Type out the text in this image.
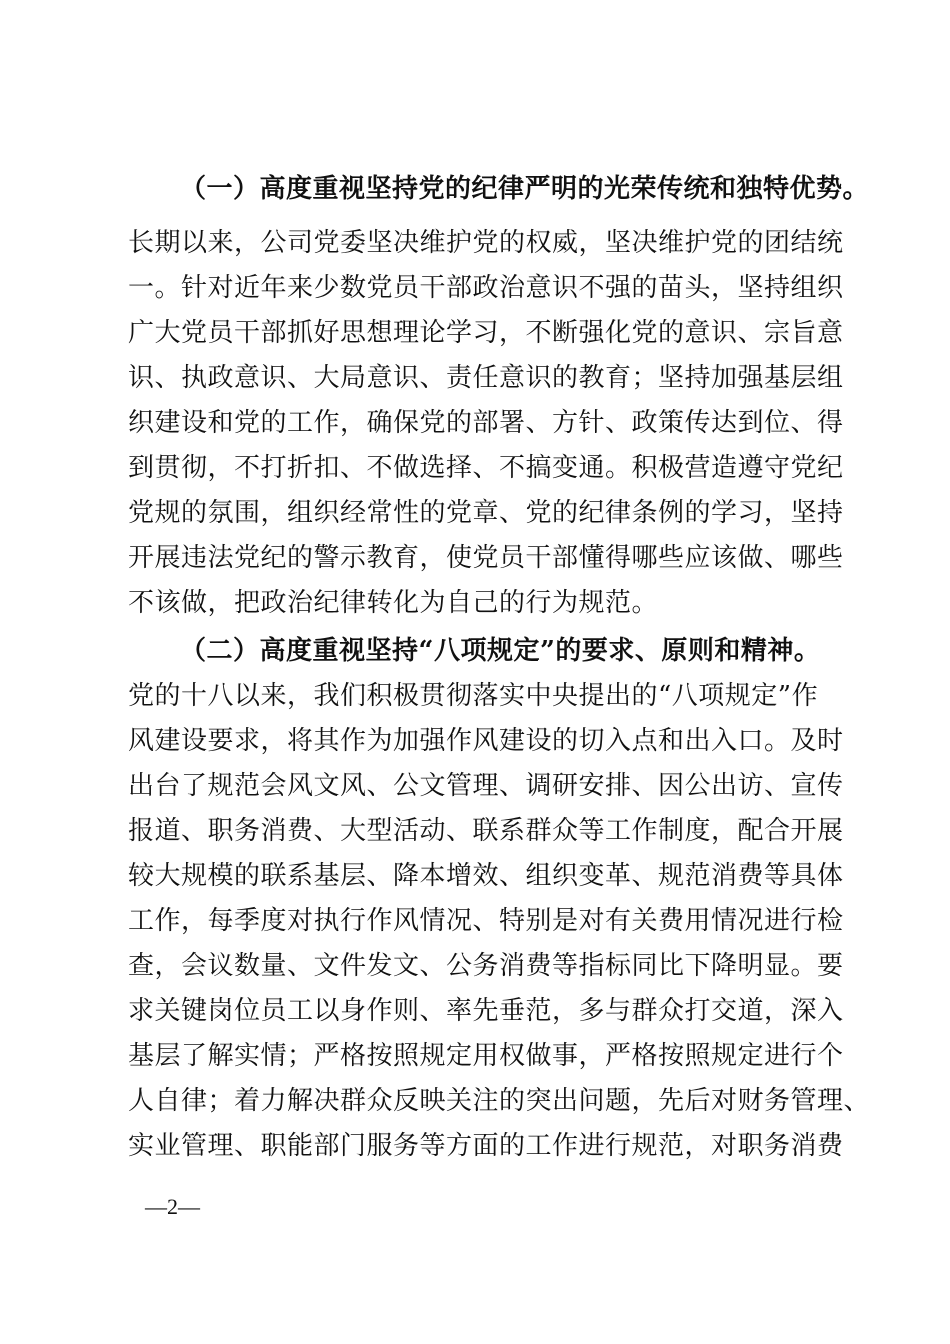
（一）高度重视坚持党的纪律严明的光荣传统和独特优势。

长期以来，公司党委坚决维护党的权威，坚决维护党的团结统

一。针对近年来少数党员干部政治意识不强的苗头，坚持组织

广大党员干部抓好思想理论学习，不断强化党的意识、宗旨意

识、执政意识、大局意识、责任意识的教育；坚持加强基层组

织建设和党的工作，确保党的部署、方针、政策传达到位、得

到贯彻，不打折扣、不做选择、不搞变通。积极营造遵守党纪

党规的氛围，组织经常性的党章、党的纪律条例的学习，坚持

开展违法党纪的警示教育，使党员干部懂得哪些应该做、哪些

不该做，把政治纪律转化为自己的行为规范。

（二）高度重视坚持“八项规定”的要求、原则和精神。

党的十八以来，我们积极贯彻落实中央提出的“八项规定”作

风建设要求，将其作为加强作风建设的切入点和出入口。及时

出台了规范会风文风、公文管理、调研安排、因公出访、宣传

报道、职务消费、大型活动、联系群众等工作制度，配合开展

较大规模的联系基层、降本增效、组织变革、规范消费等具体

工作，每季度对执行作风情况、特别是对有关费用情况进行检

查，会议数量、文件发文、公务消费等指标同比下降明显。要

求关键岗位员工以身作则、率先垂范，多与群众打交道，深入

基层了解实情；严格按照规定用权做事，严格按照规定进行个

人自律；着力解决群众反映关注的突出问题，先后对财务管理、

实业管理、职能部门服务等方面的工作进行规范，对职务消费

—2—
